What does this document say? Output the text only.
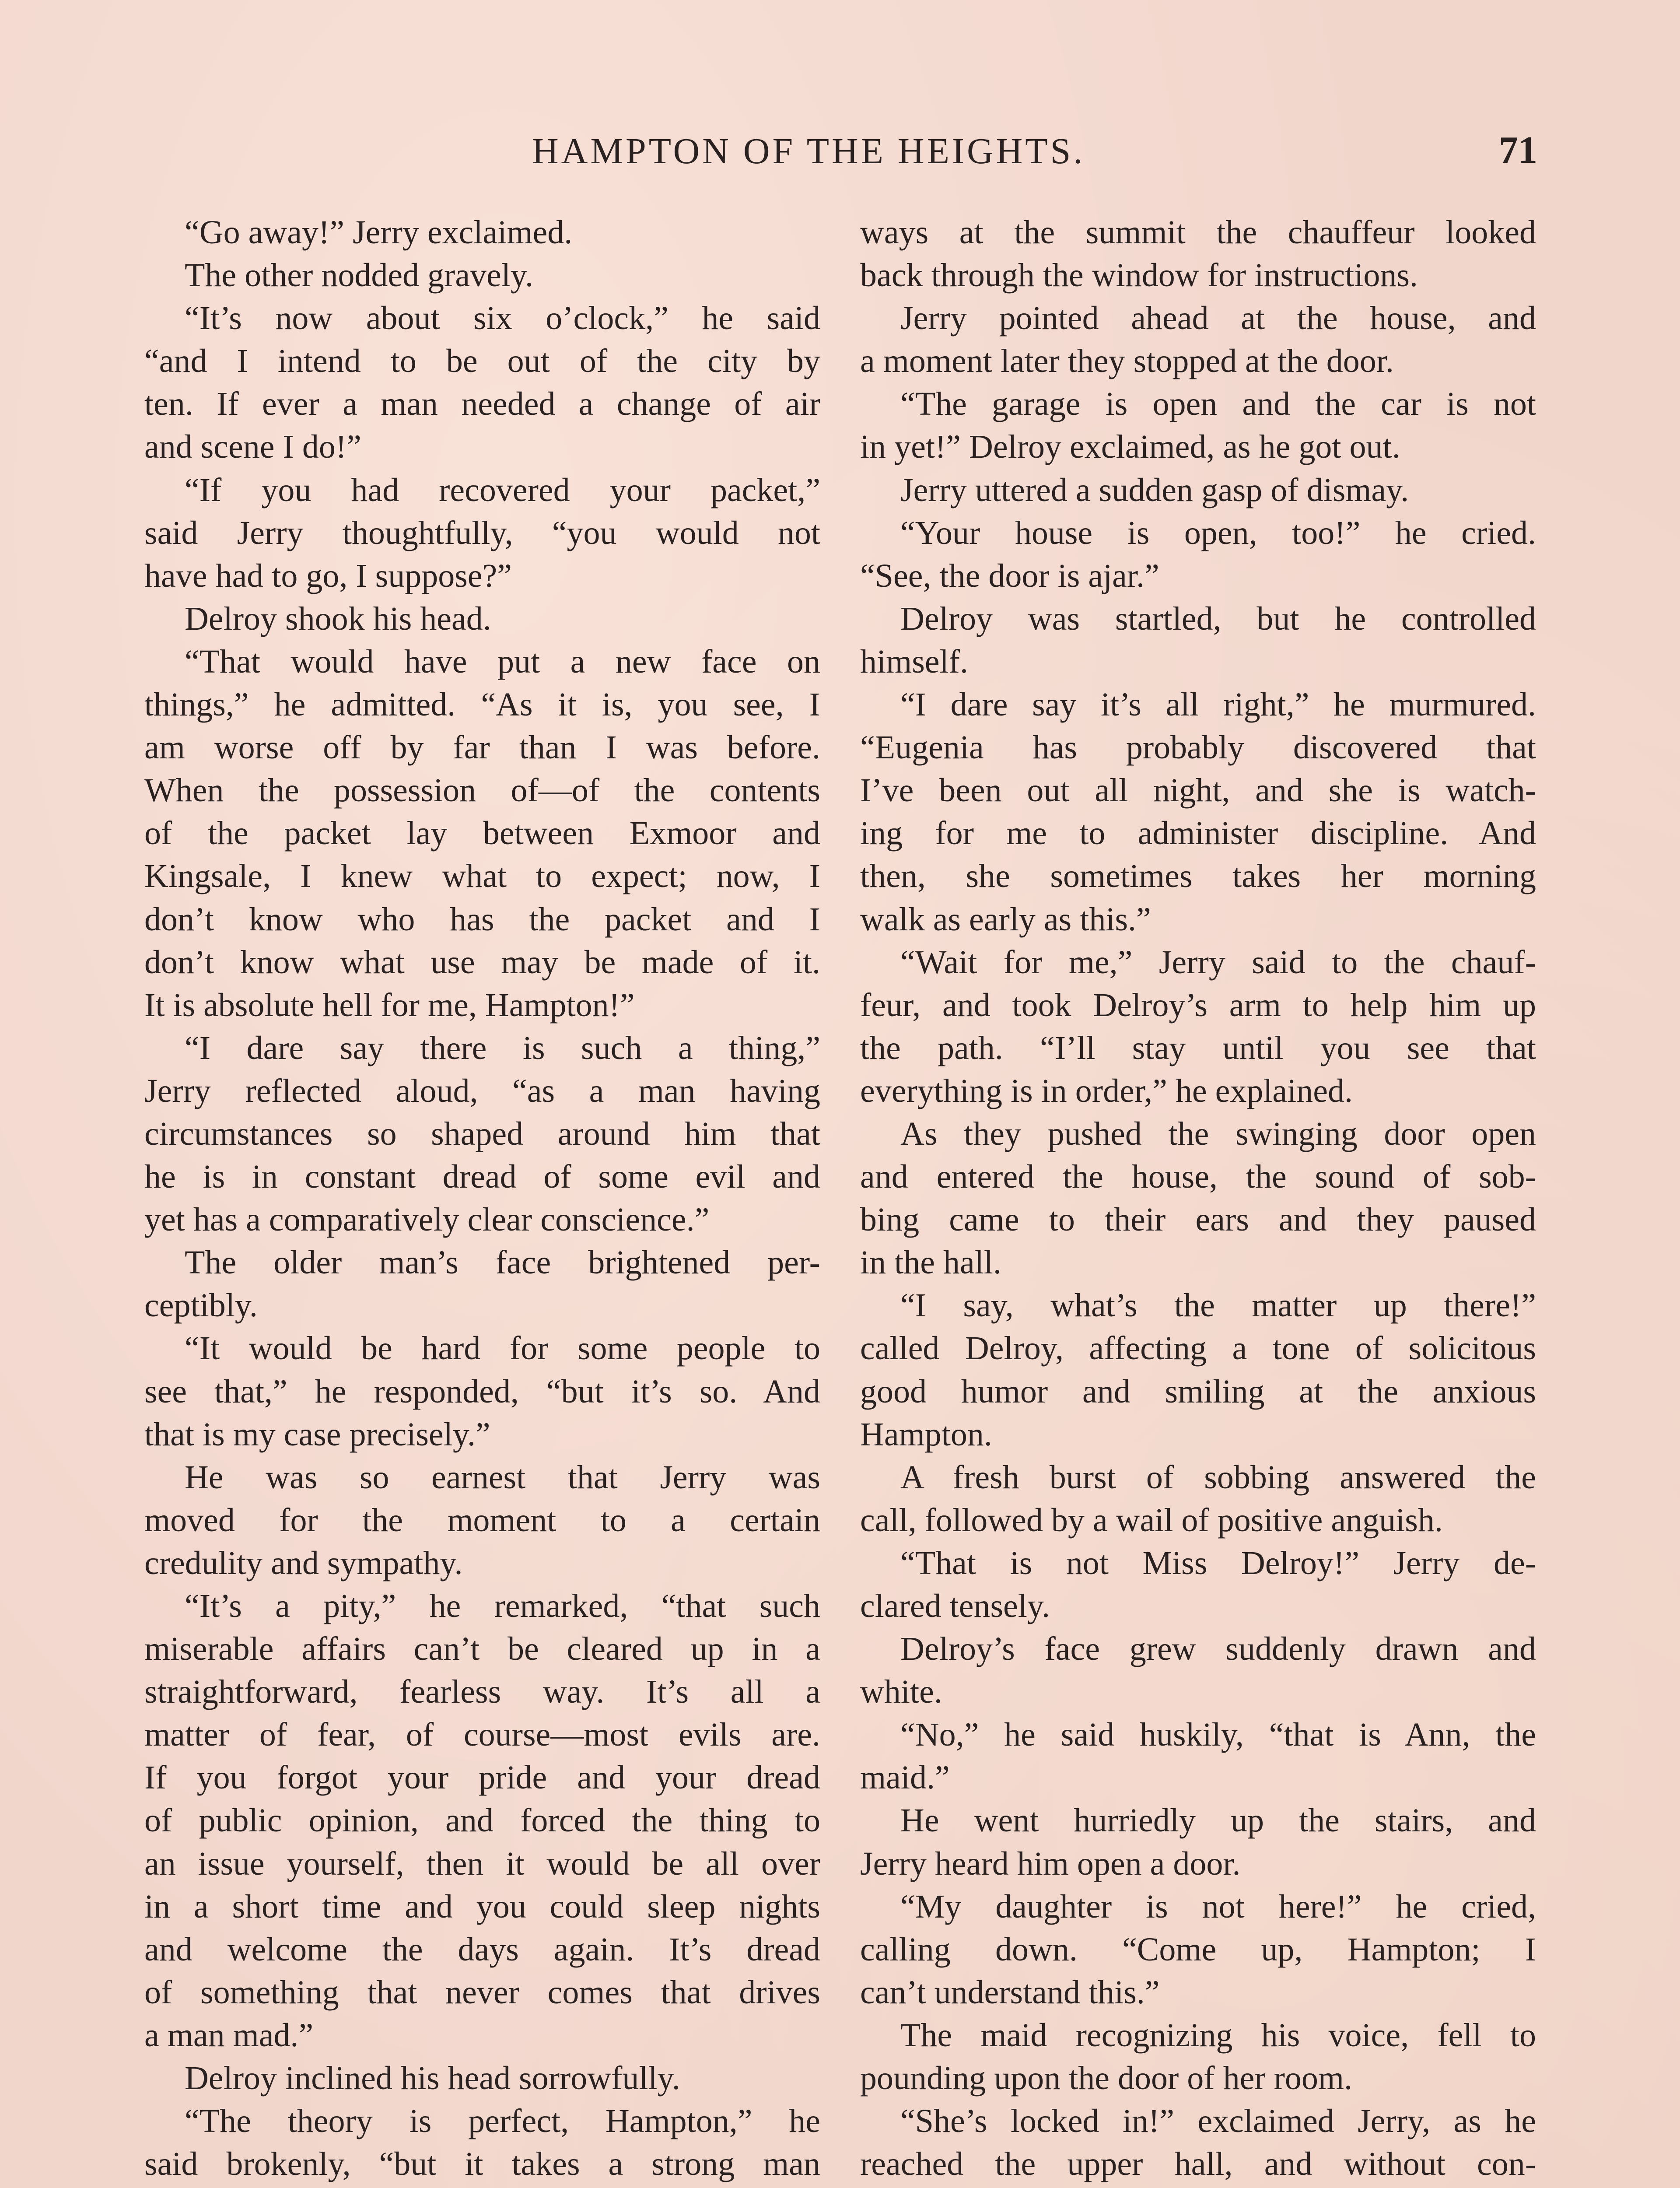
HAMPTON OF THE HEIGHTS.	71
“Go away!” Jerry exclaimed.
The other nodded gravely.
“It’s now about six o’clock,” he said
“and I intend to be out of the city by
ten. If ever a man needed a change of air
and scene I do!”
“If you had recovered your packet,”
said Jerry thoughtfully, “you would not
have had to go, I suppose?”
Delroy shook his head.
“That would have put a new face on
things,” he admitted. “As it is, you see, I
am worse off by far than I was before.
When the possession of—of the contents
of the packet lay between Exmoor and
Kingsale, I knew what to expect; now, I
don’t know who has the packet and I
don’t know what use may be made of it.
It is absolute hell for me, Hampton!”
“I dare say there is such a thing,”
Jerry reflected aloud, “as a man having
circumstances so shaped around him that
he is in constant dread of some evil and
yet has a comparatively clear conscience.”
The older man’s face brightened per-
ceptibly.
“It would be hard for some people to
see that,” he responded, “but it’s so. And
that is my case precisely.”
He was so earnest that Jerry was
moved for the moment to a certain
credulity and sympathy.
“It’s a pity,” he remarked, “that such
miserable affairs can’t be cleared up in a
straightforward, fearless way. It’s all a
matter of fear, of course—most evils are.
If you forgot your pride and your dread
of public opinion, and forced the thing to
an issue yourself, then it would be all over
in a short time and you could sleep nights
and welcome the days again. It’s dread
of something that never comes that drives
a man mad.”
Delroy inclined his head sorrowfully.
“The theory is perfect, Hampton,” he
said brokenly, “but it takes a strong man
ways at the summit the chauffeur looked
back through the window for instructions.
Jerry pointed ahead at the house, and
a moment later they stopped at the door.
“The garage is open and the car is not
in yet!” Delroy exclaimed, as he got out.
Jerry uttered a sudden gasp of dismay.
“Your house is open, too!” he cried.
“See, the door is ajar.”
Delroy was startled, but he controlled
himself.
“I dare say it’s all right,” he murmured.
“Eugenia has probably discovered that
I’ve been out all night, and she is watch-
ing for me to administer discipline. And
then, she sometimes takes her morning
walk as early as this.”
“Wait for me,” Jerry said to the chauf-
feur, and took Delroy’s arm to help him up
the path. “I’ll stay until you see that
everything is in order,” he explained.
As they pushed the swinging door open
and entered the house, the sound of sob-
bing came to their ears and they paused
in the hall.
“I say, what’s the matter up there!”
called Delroy, affecting a tone of solicitous
good humor and smiling at the anxious
Hampton.
A fresh burst of sobbing answered the
call, followed by a wail of positive anguish.
“That is not Miss Delroy!” Jerry de-
clared tensely.
Delroy’s face grew suddenly drawn and
white.
“No,” he said huskily, “that is Ann, the
maid.”
He went hurriedly up the stairs, and
Jerry heard him open a door.
“My daughter is not here!” he cried,
calling down. “Come up, Hampton; I
can’t understand this.”
The maid recognizing his voice, fell to
pounding upon the door of her room.
“She’s locked in!” exclaimed Jerry, as he
reached the upper hall, and without con-
